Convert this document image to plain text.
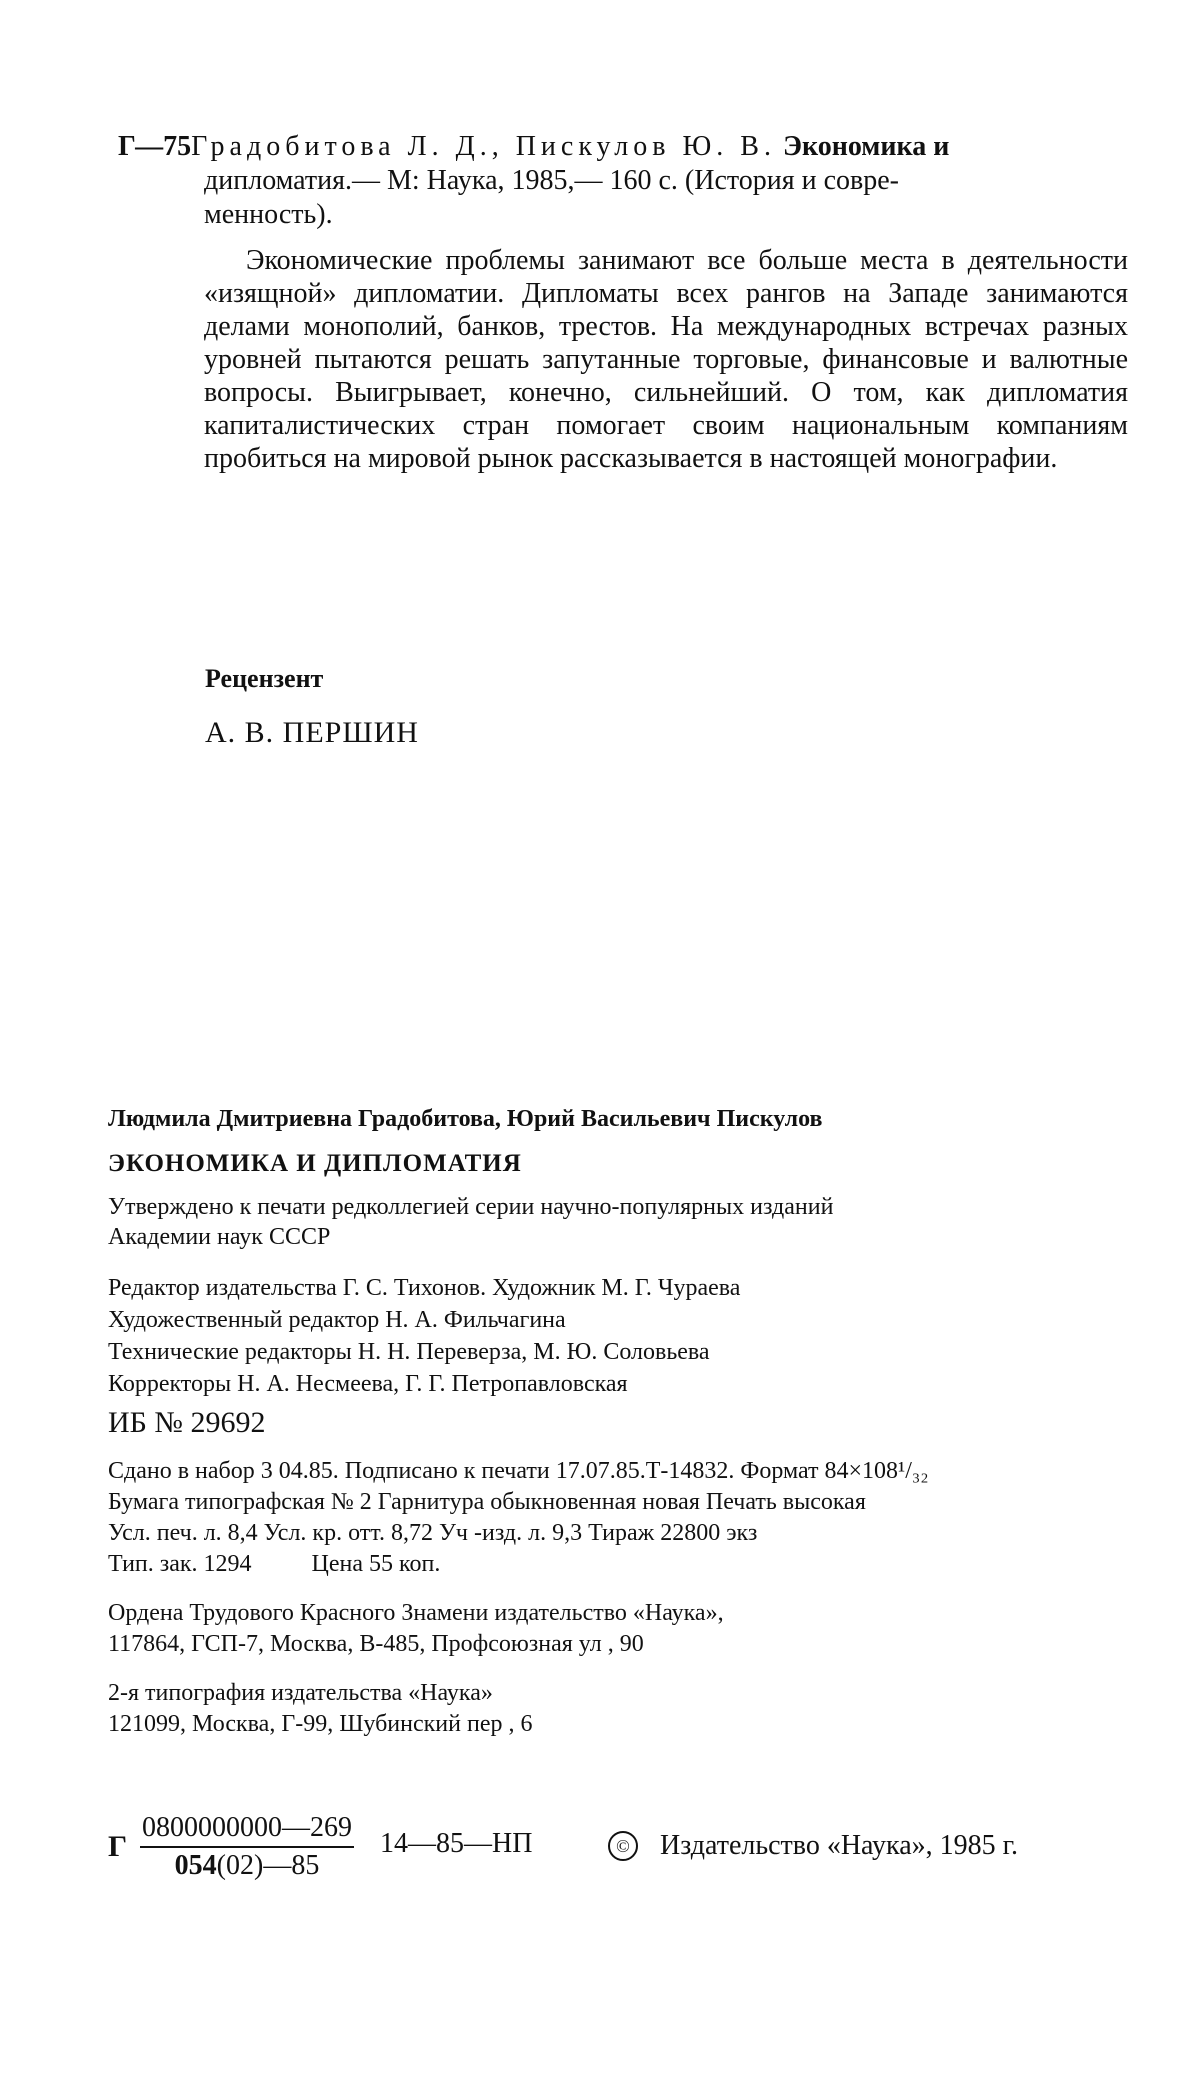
Г—75Градобитова Л. Д., Пискулов Ю. В. Экономика и
дипломатия.— М: Наука, 1985,— 160 с. (История и совре-
менность).
Экономические проблемы занимают все больше места в деятельности «изящной» дипломатии. Дипломаты всех рангов на Западе занимаются делами монополий, банков, трестов. На международных встречах разных уровней пытаются решать запутанные торговые, финансовые и валютные вопросы. Выигрывает, конечно, сильнейший. О том, как дипломатия капиталистических стран помогает своим национальным компаниям пробиться на мировой рынок рассказывается в настоящей монографии.
Рецензент
А. В. ПЕРШИН
Людмила Дмитриевна Градобитова, Юрий Васильевич Пискулов
ЭКОНОМИКА И ДИПЛОМАТИЯ
Утверждено к печати редколлегией серии научно-популярных изданий
Академии наук СССР
Редактор издательства Г. С. Тихонов. Художник М. Г. Чураева
Художественный редактор Н. А. Фильчагина
Технические редакторы Н. Н. Переверза, М. Ю. Соловьева
Корректоры Н. А. Несмеева, Г. Г. Петропавловская
ИБ № 29692
Сдано в набор 3 04.85. Подписано к печати 17.07.85.Т-14832. Формат 84×108¹/₃₂
Бумага типографская № 2 Гарнитура обыкновенная новая Печать высокая
Усл. печ. л. 8,4 Усл. кр. отт. 8,72 Уч -изд. л. 9,3 Тираж 22800 экз
Тип. зак. 1294	Цена 55 коп.
Ордена Трудового Красного Знамени издательство «Наука»,
117864, ГСП-7, Москва, В-485, Профсоюзная ул , 90
2-я типография издательства «Наука»
121099, Москва, Г-99, Шубинский пер , 6
Г $\frac{0800000000—269}{054(02)—85}$ 14—85—НП	© Издательство «Наука», 1985 г.
